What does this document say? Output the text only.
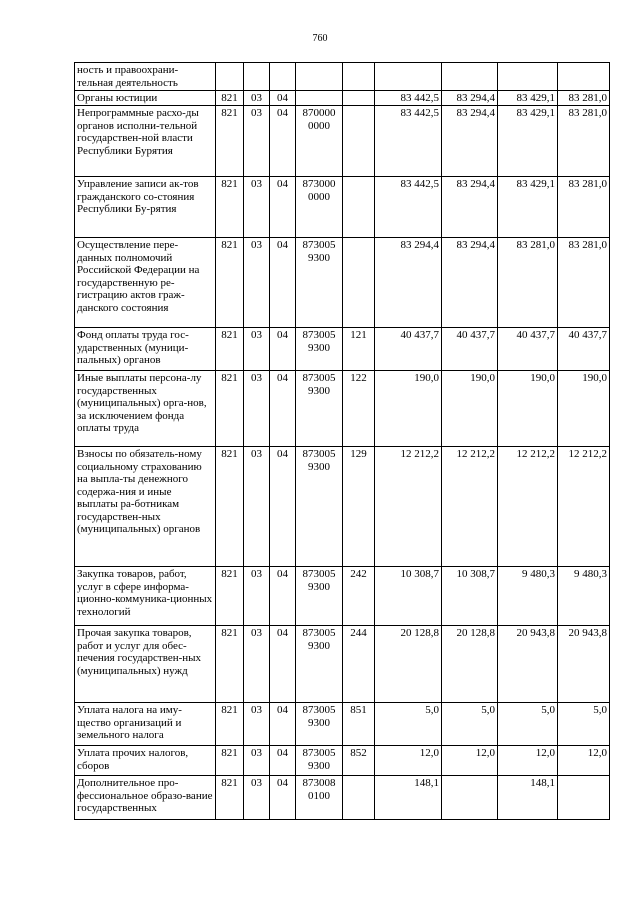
760
ность и правоохрани-тельная деятельность									
Органы юстиции	821	03	04			83 442,5	83 294,4	83 429,1	83 281,0
Непрограммные расхо-ды органов исполни-тельной государствен-ной власти Республики Бурятия	821	03	04	870000 0000		83 442,5	83 294,4	83 429,1	83 281,0
Управление записи ак-тов гражданского со-стояния Республики Бу-рятия	821	03	04	873000 0000		83 442,5	83 294,4	83 429,1	83 281,0
Осуществление пере-данных полномочий Российской Федерации на государственную ре-гистрацию актов граж-данского состояния	821	03	04	873005 9300		83 294,4	83 294,4	83 281,0	83 281,0
Фонд оплаты труда гос-ударственных (муници-пальных) органов	821	03	04	873005 9300	121	40 437,7	40 437,7	40 437,7	40 437,7
Иные выплаты персона-лу государственных (муниципальных) орга-нов, за исключением фонда оплаты труда	821	03	04	873005 9300	122	190,0	190,0	190,0	190,0
Взносы по обязатель-ному социальному страхованию на выпла-ты денежного содержа-ния и иные выплаты ра-ботникам государствен-ных (муниципальных) органов	821	03	04	873005 9300	129	12 212,2	12 212,2	12 212,2	12 212,2
Закупка товаров, работ, услуг в сфере информа-ционно-коммуника-ционных технологий	821	03	04	873005 9300	242	10 308,7	10 308,7	9 480,3	9 480,3
Прочая закупка товаров, работ и услуг для обес-печения государствен-ных (муниципальных) нужд	821	03	04	873005 9300	244	20 128,8	20 128,8	20 943,8	20 943,8
Уплата налога на иму-щество организаций и земельного налога	821	03	04	873005 9300	851	5,0	5,0	5,0	5,0
Уплата прочих налогов, сборов	821	03	04	873005 9300	852	12,0	12,0	12,0	12,0
Дополнительное про-фессиональное образо-вание государственных	821	03	04	873008 0100		148,1		148,1	
